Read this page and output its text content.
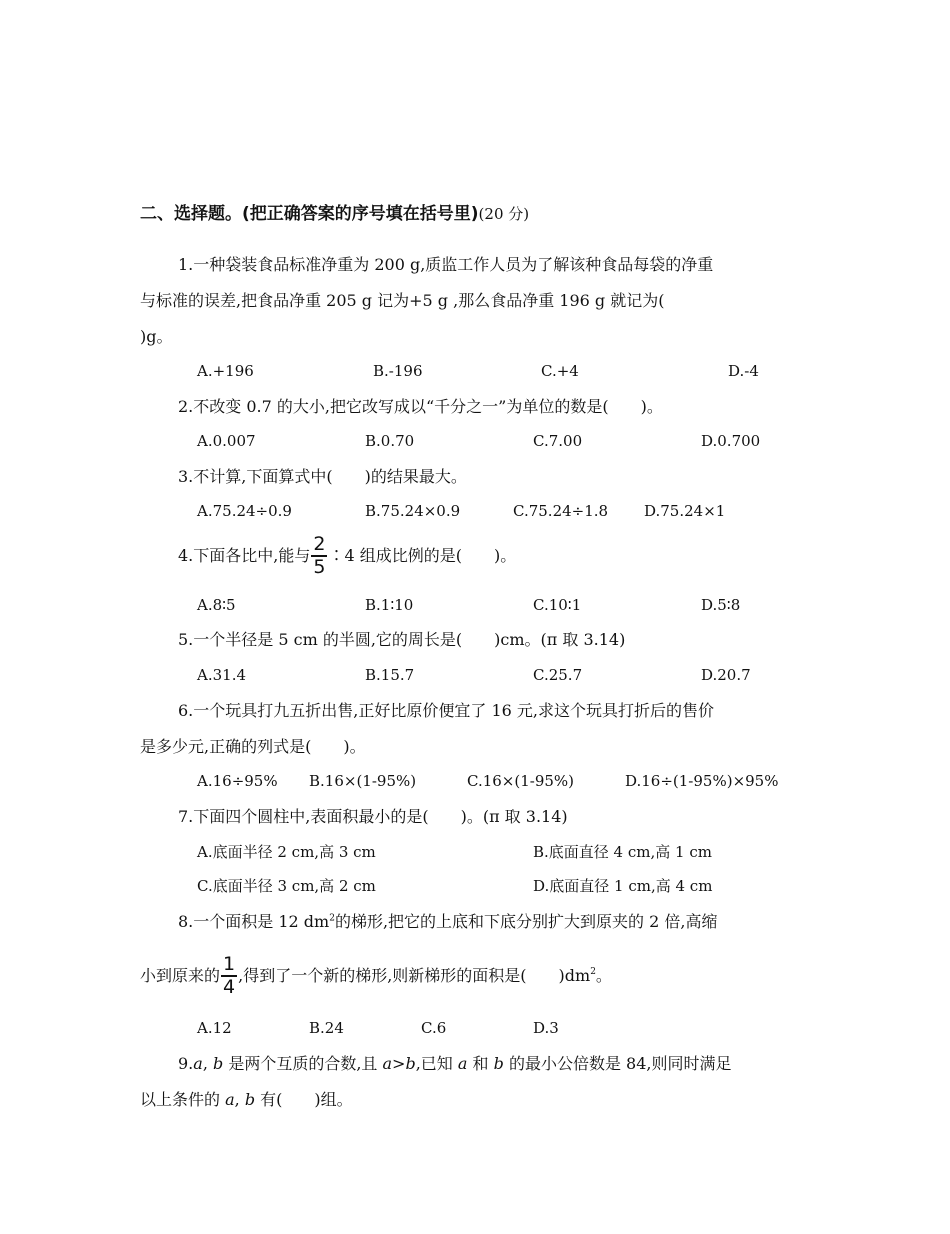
二、选择题。(把正确答案的序号填在括号里)(20 分)
1.一种袋装食品标准净重为 200 g,质监工作人员为了解该种食品每袋的净重
与标准的误差,把食品净重 205 g 记为+5 g ,那么食品净重 196 g 就记为(
)g。
A.+196	B.-196	C.+4	D.-4
2.不改变 0.7 的大小,把它改写成以“千分之一”为单位的数是(　　)。
A.0.007	B.0.70	C.7.00	D.0.700
3.不计算,下面算式中(　　)的结果最大。
A.75.24÷0.9	B.75.24×0.9	C.75.24÷1.8 D.75.24×1
4.下面各比中,能与 $\frac{2}{5}$ ∶4 组成比例的是(　　)。
A.8∶5	B.1∶10	C.10∶1	D.5∶8
5.一个半径是 5 cm 的半圆,它的周长是(　　)cm。(π 取 3.14)
A.31.4	B.15.7	C.25.7	D.20.7
6.一个玩具打九五折出售,正好比原价便宜了 16 元,求这个玩具打折后的售价
是多少元,正确的列式是(　　)。
A.16÷95% B.16×(1-95%)	C.16×(1-95%)	D.16÷(1-95%)×95%
7.下面四个圆柱中,表面积最小的是(　　)。(π 取 3.14)
A.底面半径 2 cm,高 3 cm	B.底面直径 4 cm,高 1 cm
C.底面半径 3 cm,高 2 cm	D.底面直径 1 cm,高 4 cm
8.一个面积是 12 $dm^2$的梯形,把它的上底和下底分别扩大到原夹的 2 倍,高缩
小到原来的 $\frac{1}{4}$ ,得到了一个新的梯形,则新梯形的面积是(　　)$dm^2$。
A.12	B.24	C.6	D.3
9.a, b 是两个互质的合数,且 a>b,已知 a 和 b 的最小公倍数是 84,则同时满足
以上条件的 a, b 有(　　)组。
